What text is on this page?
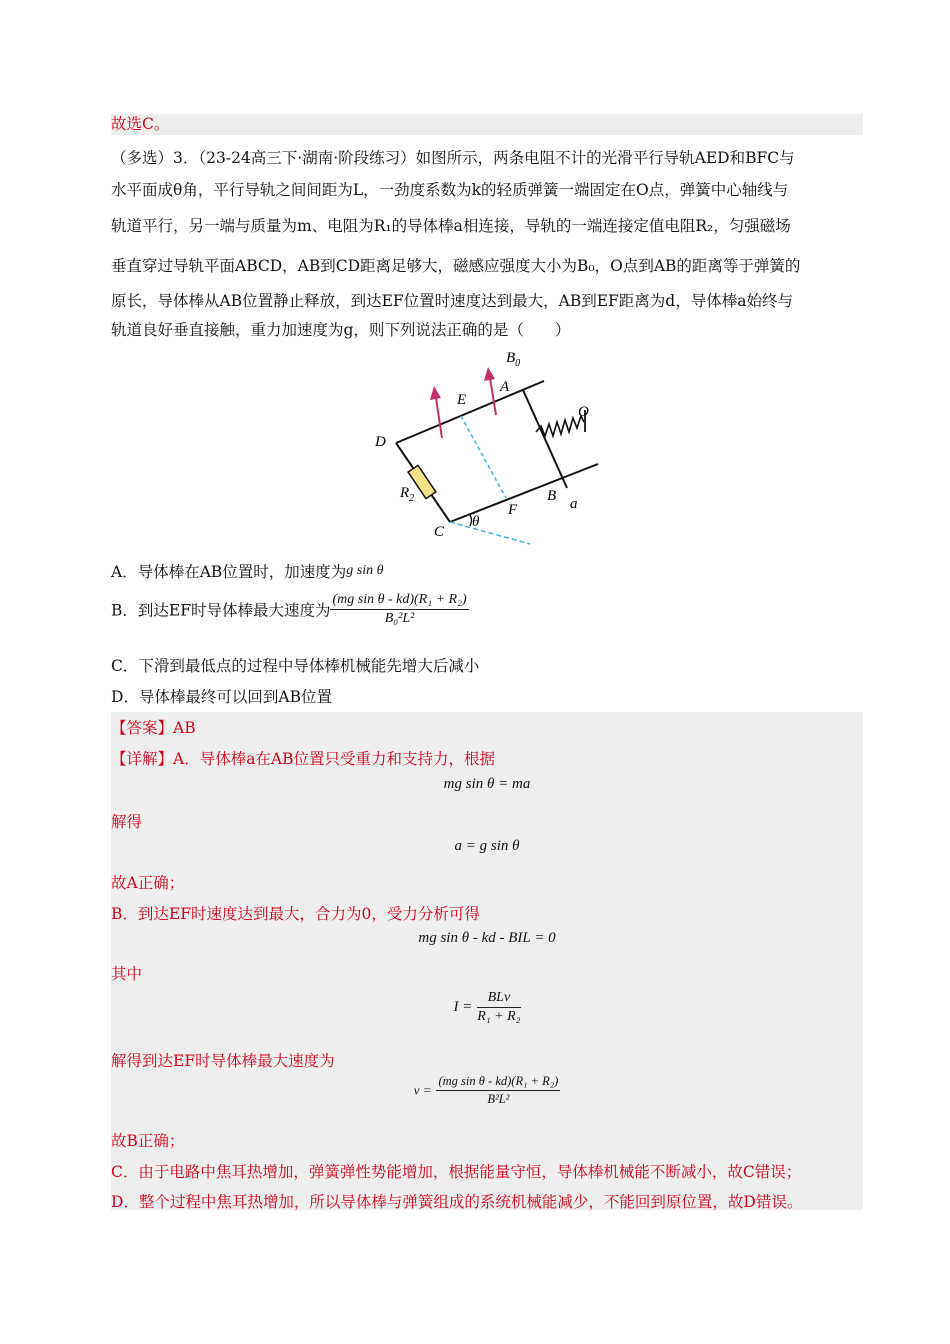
故选C。
（多选）3．（23-24高三下·湖南·阶段练习）如图所示，两条电阻不计的光滑平行导轨AED和BFC与
水平面成θ角，平行导轨之间间距为L，一劲度系数为k的轻质弹簧一端固定在O点，弹簧中心轴线与
轨道平行，另一端与质量为m、电阻为R₁的导体棒a相连接，导轨的一端连接定值电阻R₂，匀强磁场
垂直穿过导轨平面ABCD，AB到CD距离足够大，磁感应强度大小为B₀，O点到AB的距离等于弹簧的
原长，导体棒从AB位置静止释放，到达EF位置时速度达到最大，AB到EF距离为d，导体棒a始终与
轨道良好垂直接触，重力加速度为g，则下列说法正确的是（　　）
$B_0$
A
E
O
D
$R_2$	B a
F
C
θ
A．导体棒在AB位置时，加速度为g sin θ
B．到达EF时导体棒最大速度为 $\frac{\text{(mg sin θ - kd)(R₁ + R₂)}}{\text{B₀²L²}}$
C．下滑到最低点的过程中导体棒机械能先增大后减小
D．导体棒最终可以回到AB位置
【答案】AB
【详解】A．导体棒a在AB位置只受重力和支持力，根据
mg sin θ = ma
解得
a = g sin θ
故A正确；
B．到达EF时速度达到最大，合力为0，受力分析可得
mg sin θ - kd - BIL = 0
其中
$I = \frac{\text{BLv}}{\text{R₁ + R₂}}$
解得到达EF时导体棒最大速度为
$v = \frac{\text{(mg sin θ - kd)(R₁ + R₂)}}{\text{B²L²}}$
故B正确；
C．由于电路中焦耳热增加，弹簧弹性势能增加，根据能量守恒，导体棒机械能不断减小，故C错误；
D．整个过程中焦耳热增加，所以导体棒与弹簧组成的系统机械能减少，不能回到原位置，故D错误。
